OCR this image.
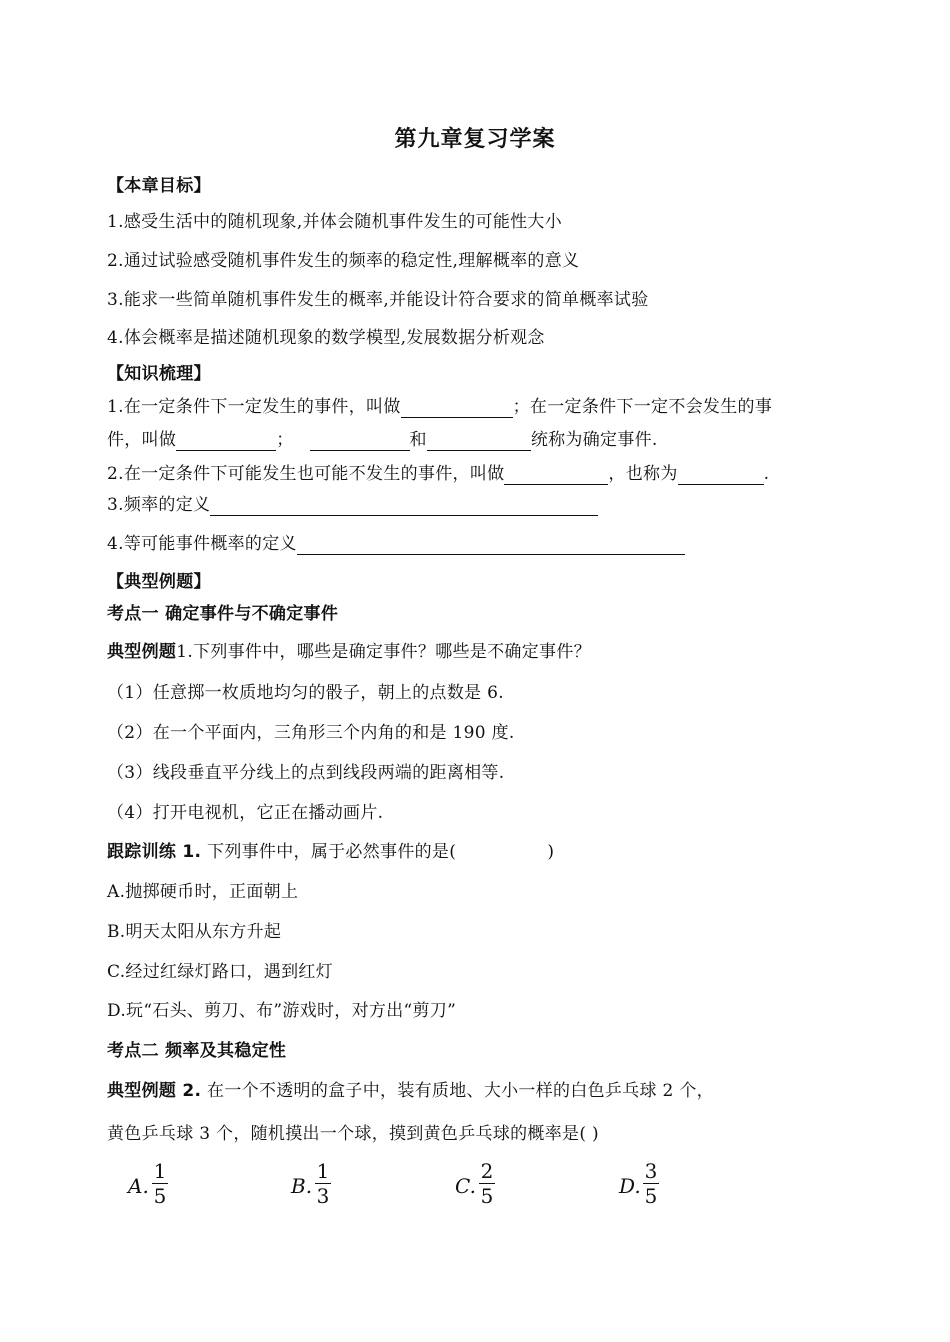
第九章复习学案
【本章目标】
1.感受生活中的随机现象,并体会随机事件发生的可能性大小
2.通过试验感受随机事件发生的频率的稳定性,理解概率的意义
3.能求一些简单随机事件发生的概率,并能设计符合要求的简单概率试验
4.体会概率是描述随机现象的数学模型,发展数据分析观念
【知识梳理】
1.在一定条件下一定发生的事件，叫做	；在一定条件下一定不会发生的事
件，叫做	；	和	统称为确定事件.
2.在一定条件下可能发生也可能不发生的事件，叫做	，也称为	.
3.频率的定义
4.等可能事件概率的定义
【典型例题】
考点一 确定事件与不确定事件
典型例题1.下列事件中，哪些是确定事件？哪些是不确定事件？
（1）任意掷一枚质地均匀的骰子，朝上的点数是 6.
（2）在一个平面内，三角形三个内角的和是 190 度.
（3）线段垂直平分线上的点到线段两端的距离相等.
（4）打开电视机，它正在播动画片.
跟踪训练 1. 下列事件中，属于必然事件的是(                )
A.抛掷硬币时，正面朝上
B.明天太阳从东方升起
C.经过红绿灯路口，遇到红灯
D.玩“石头、剪刀、布”游戏时，对方出“剪刀”
考点二 频率及其稳定性
典型例题 2. 在一个不透明的盒子中，装有质地、大小一样的白色乒乓球 2 个，
黄色乒乓球 3 个，随机摸出一个球，摸到黄色乒乓球的概率是( )
A.
1
5	B.
1
3	C.
2
5	D.
3
5
